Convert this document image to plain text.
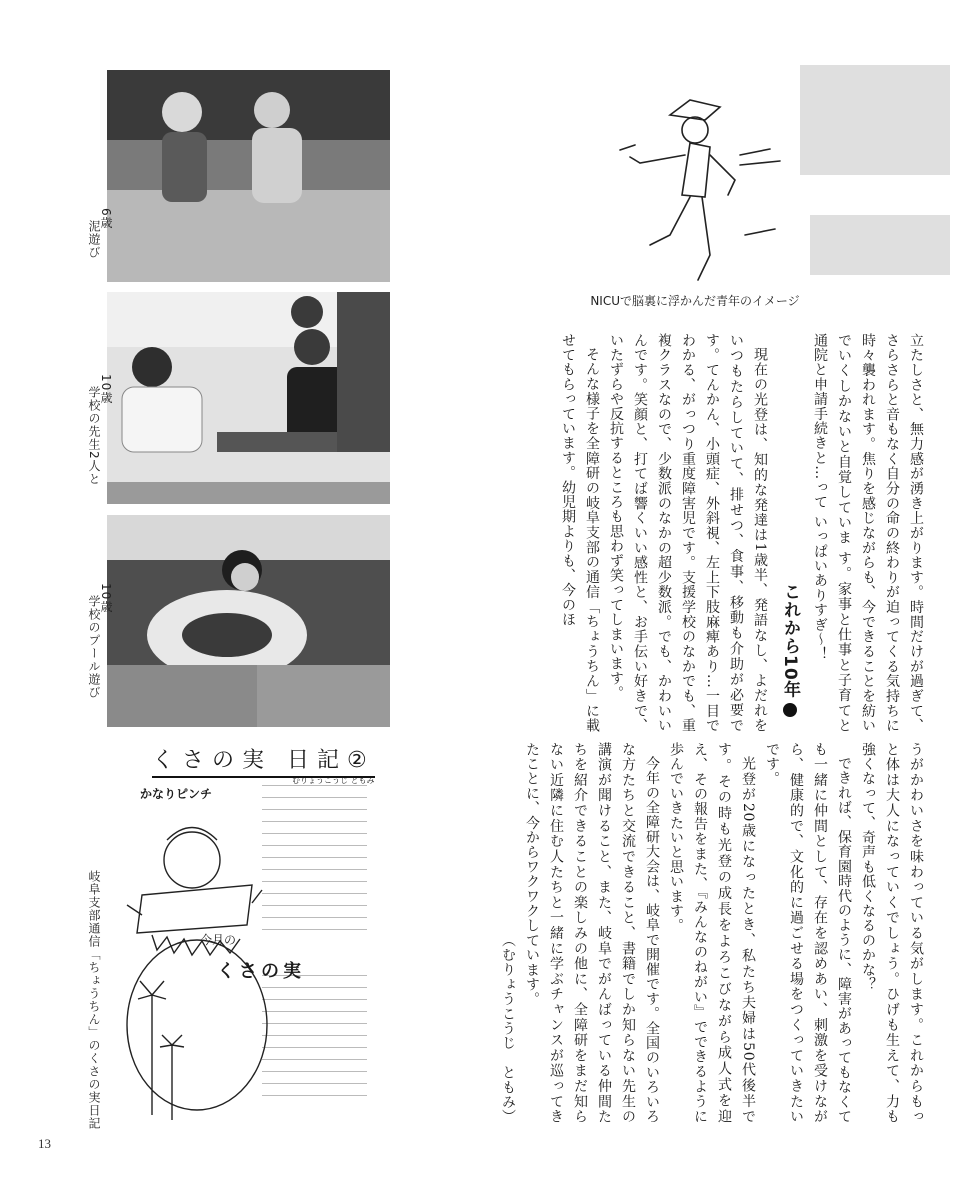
6歳
泥遊び
10歳
学校の先生2人と
10歳
学校のプール遊び
NICUで脳裏に浮かんだ青年のイメージ

立たしさと、無力感が湧き上がります。時間だけが過ぎて、さらさらと音もなく自分の命の終わりが迫ってくる気持ちに時々襲われます。焦りを感じながらも、今できることを紡いでいくしかないと自覚していま す。家事と仕事と子育てと通院と申請手続きと…って いっぱいありすぎ～！

これから10年

現在の光登は、知的な発達は1歳半、発語なし、よだれをいつもたらしていて、排せつ、食事、移動も介助が必要です。てんかん、小頭症、外斜視、左上下肢麻痺あり…一目でわかる、がっつり重度障害児です。支援学校のなかでも、重複クラスなので、少数派のなかの超少数派。でも、かわいいんです。笑顔と、打てば響くいい感性と、お手伝い好きで、いたずらや反抗するところも思わず笑ってしまいます。

そんな様子を全障研の岐阜支部の通信「ちょうちん」に載せてもらっています。幼児期よりも、今のほ

うがかわいさを味わっている気がします。これからもっと体は大人になっていくでしょう。ひげも生えて、力も強くなって、奇声も低くなるのかな？

できれば、保育園時代のように、障害があってもなくても一緒に仲間として、存在を認めあい、刺激を受けながら、健康的で、文化的に過ごせる場をつくっていきたいです。

光登が20歳になったとき、私たち夫婦は50代後半です。その時も光登の成長をよろこびながら成人式を迎え、その報告をまた、『みんなのねがい』でできるように歩んでいきたいと思います。

今年の全障研大会は、岐阜で開催です。全国のいろいろな方たちと交流できること、書籍でしか知らない先生の講演が聞けること、また、岐阜でがんばっている仲間たちを紹介できることの楽しみの他に、全障研をまだ知らない近隣に住む人たちと一緒に学ぶチャンスが巡ってきたことに、今からワクワクしています。

（むりょうこうじ　ともみ）

くさの実 日記②
むりょうこうじ ともみ
かなりピンチ
今月の
くさの実
岐阜支部通信「ちょうちん」のくさの実日記
13
